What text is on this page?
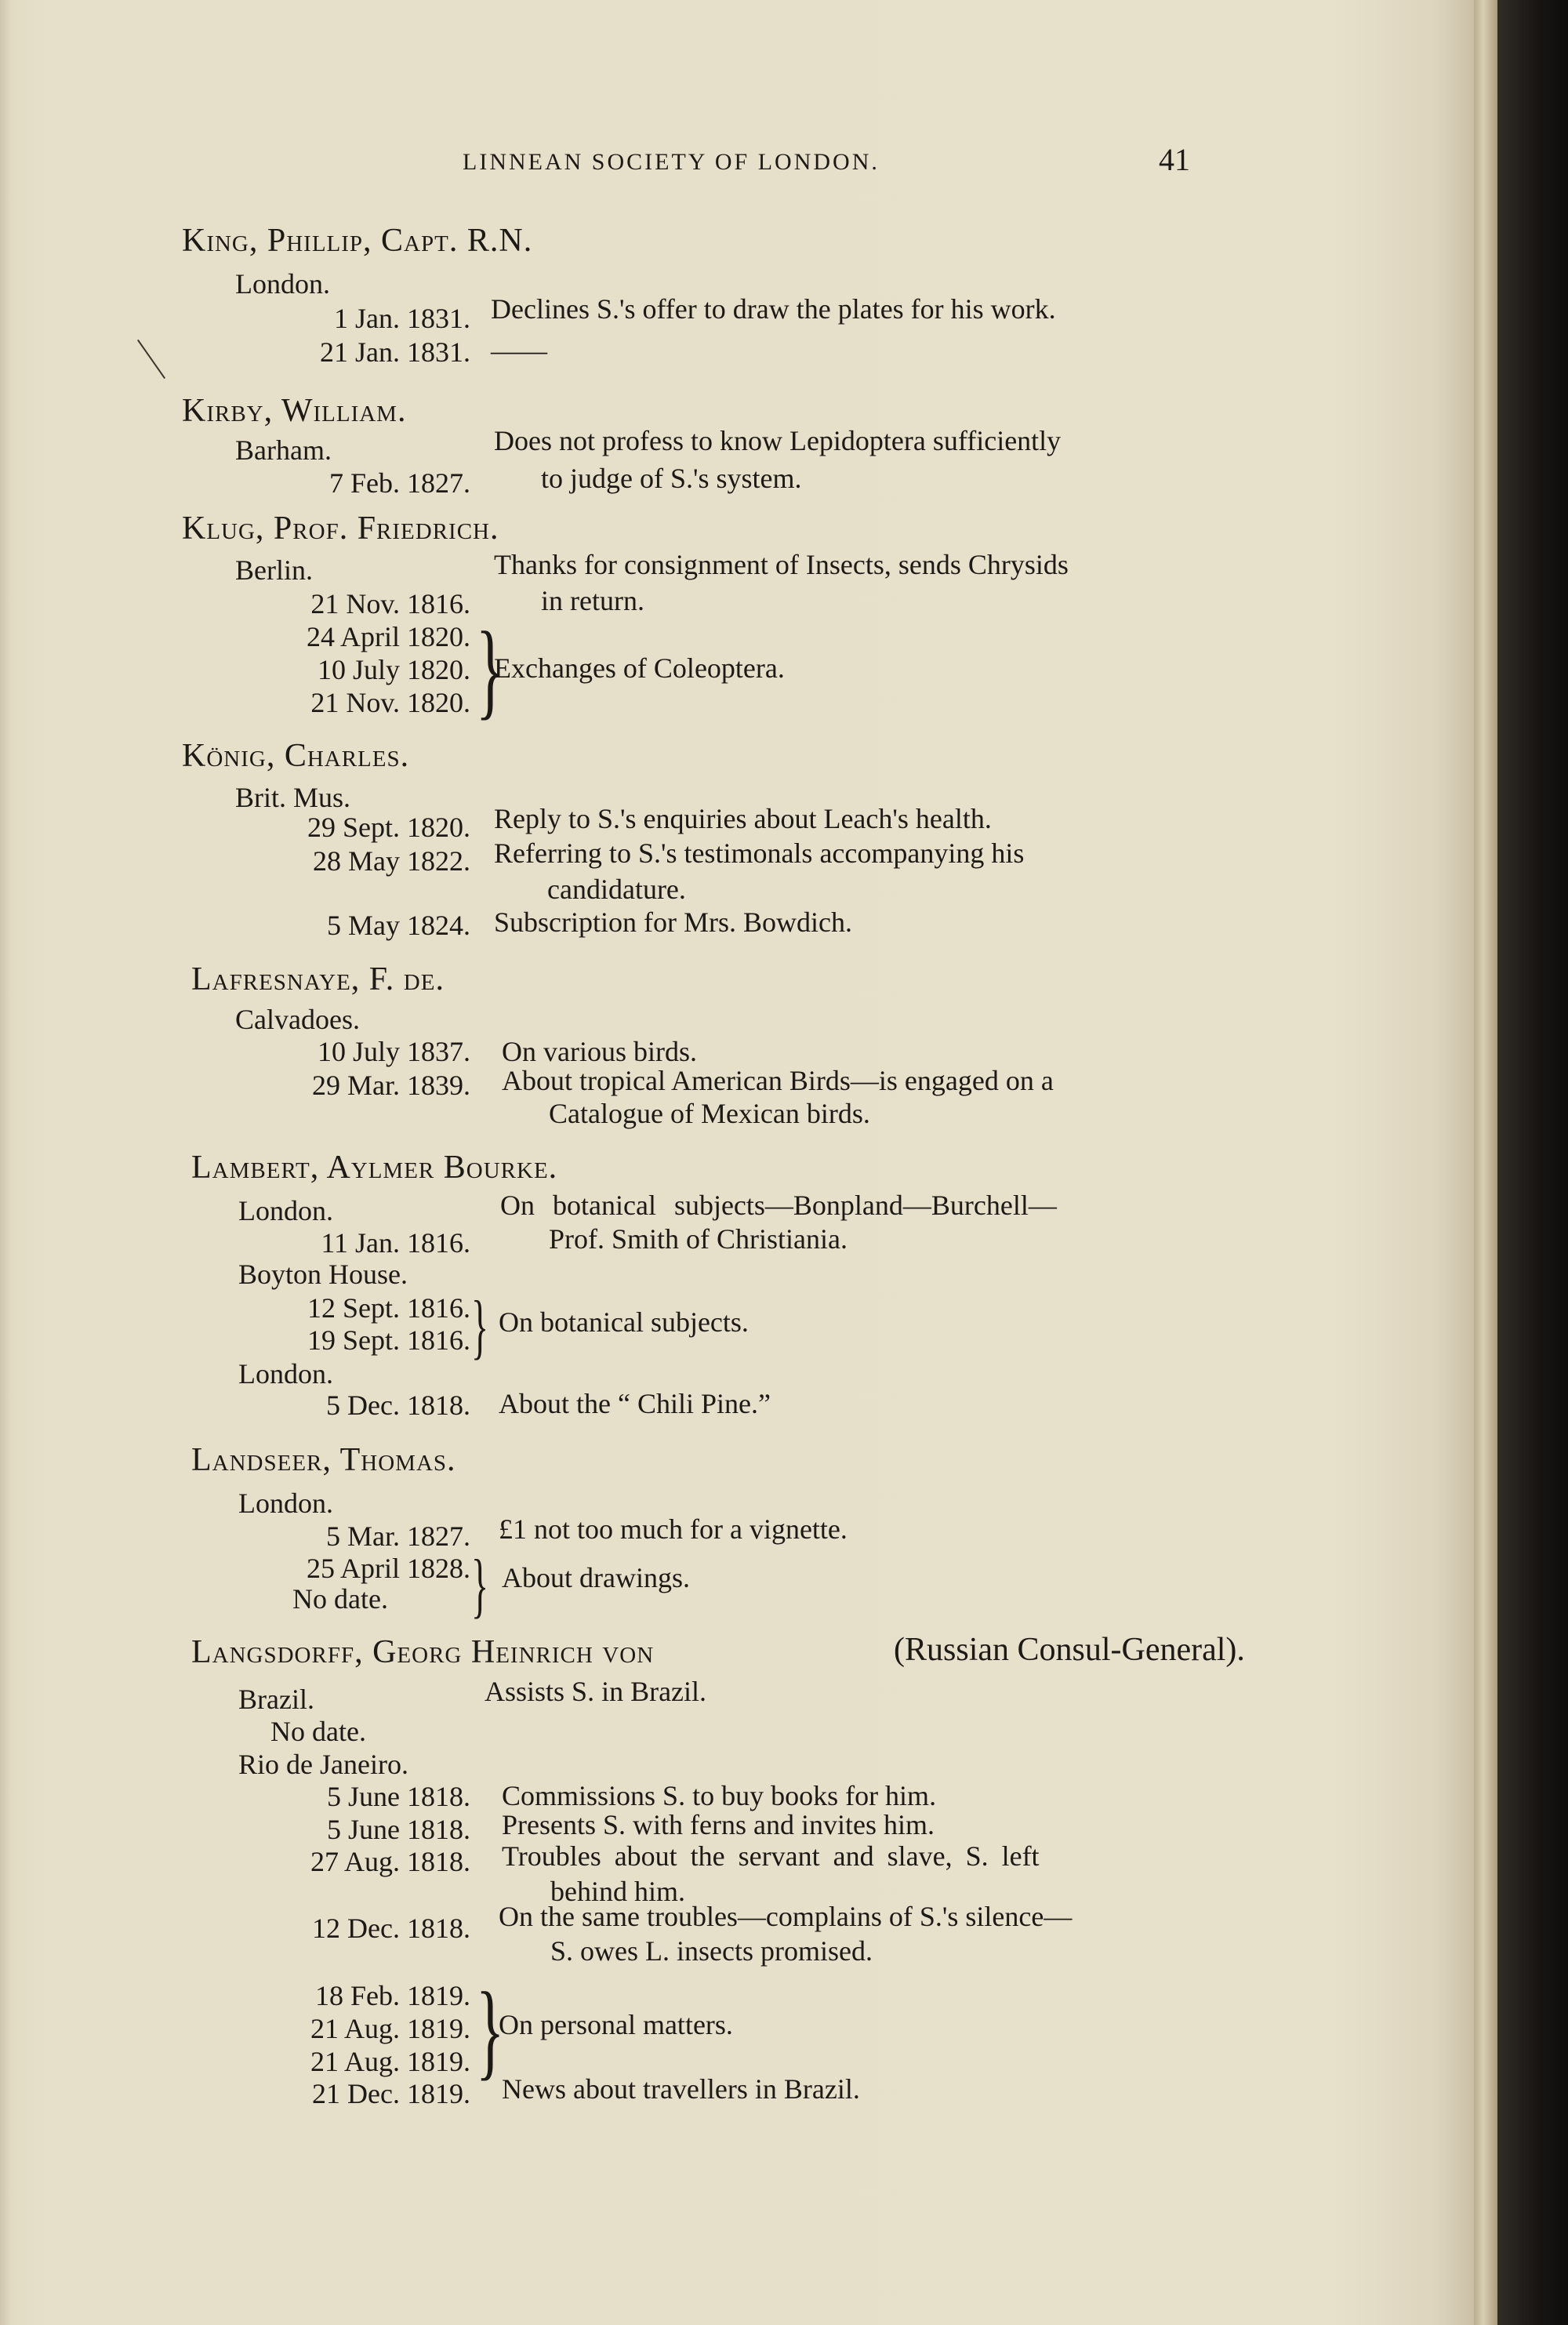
LINNEAN SOCIETY OF LONDON.	41
King, Phillip, Capt. R.N.
London.
1 Jan. 1831. Declines S.'s offer to draw the plates for his work.
21 Jan. 1831. ——
Kirby, William.
Barham.	Does not profess to know Lepidoptera sufficiently
7 Feb. 1827.	to judge of S.'s system.
Klug, Prof. Friedrich.
Berlin.	Thanks for consignment of Insects, sends Chrysids
21 Nov. 1816.	in return.
24 April 1820.
10 July 1820.
21 Nov. 1820. }
Exchanges of Coleoptera.
König, Charles.
Brit. Mus.
29 Sept. 1820. Reply to S.'s enquiries about Leach's health.
28 May 1822. Referring to S.'s testimonals accompanying his
candidature.
5 May 1824. Subscription for Mrs. Bowdich.
Lafresnaye, F. de.
Calvadoes.
10 July 1837. On various birds.
29 Mar. 1839. About tropical American Birds—is engaged on a
Catalogue of Mexican birds.
Lambert, Aylmer Bourke.
London.	On botanical subjects—Bonpland—Burchell—
11 Jan. 1816.	Prof. Smith of Christiania.
Boyton House.
12 Sept. 1816.
19 Sept. 1816. } On botanical subjects.
London.
5 Dec. 1818. About the “ Chili Pine.”
Landseer, Thomas.
London.
5 Mar. 1827. £1 not too much for a vignette.
25 April 1828.
No date. } About drawings.
Langsdorff, Georg Heinrich von	(Russian Consul-General).
Brazil.	Assists S. in Brazil.
No date.
Rio de Janeiro.
5 June 1818. Commissions S. to buy books for him.
5 June 1818. Presents S. with ferns and invites him.
27 Aug. 1818. Troubles about the servant and slave, S. left
behind him.
12 Dec. 1818. On the same troubles—complains of S.'s silence—
S. owes L. insects promised.
18 Feb. 1819.
21 Aug. 1819.
21 Aug. 1819. }
On personal matters.
21 Dec. 1819. News about travellers in Brazil.
